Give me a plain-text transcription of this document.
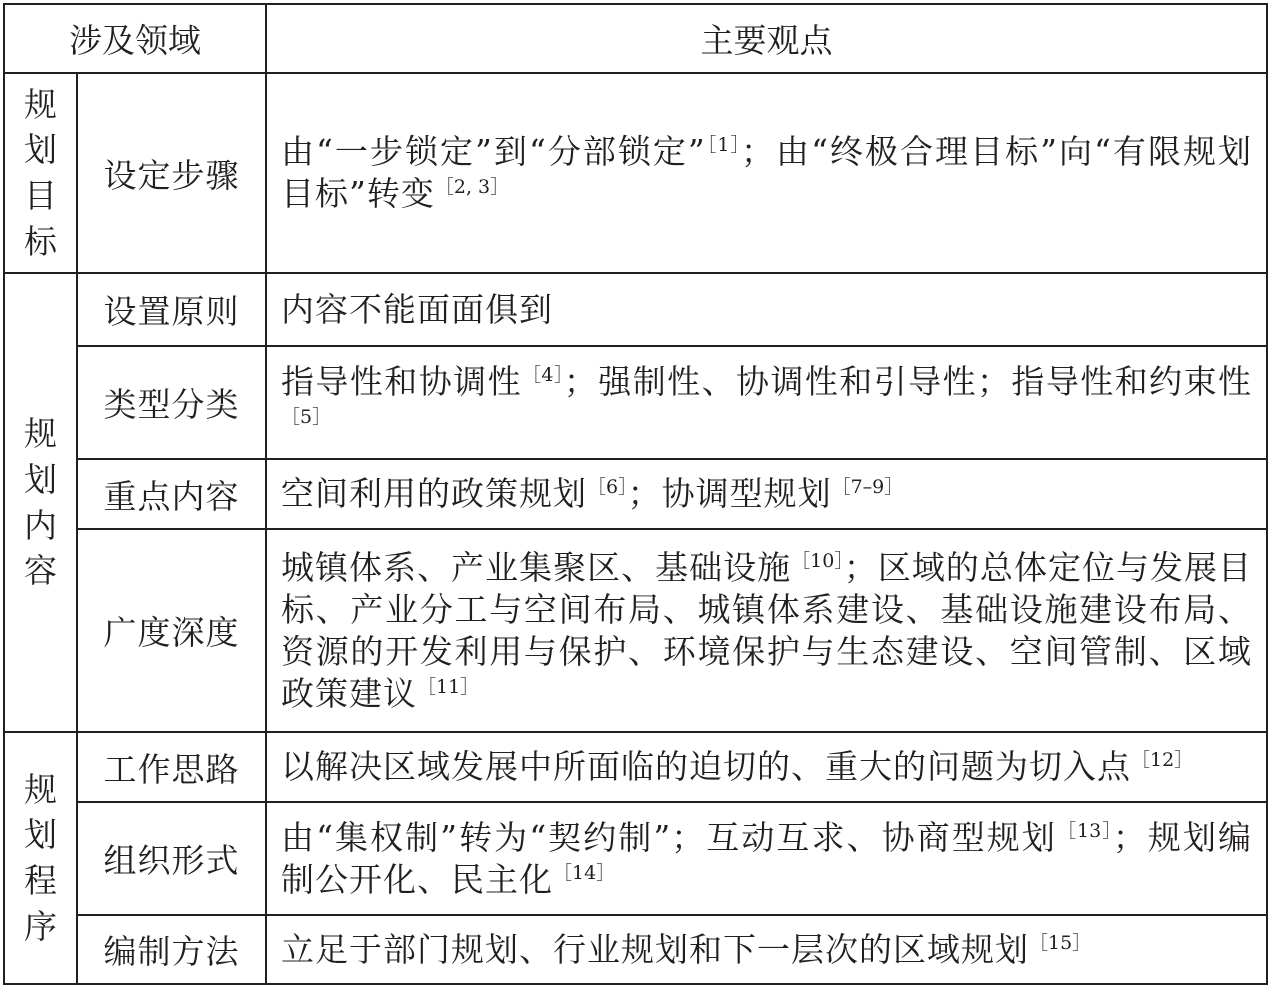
涉及领域		主要观点
规划目标	设定步骤	由“一步锁定”到“分部锁定”$^{[1]}$；由“终极合理目标”向“有限规划目标”转变$^{[2, 3]}$
规划内容	设置原则	内容不能面面俱到
	类型分类	指导性和协调性$^{[4]}$；强制性、协调性和引导性；指导性和约束性$^{[5]}$
	重点内容	空间利用的政策规划$^{[6]}$；协调型规划$^{[7-9]}$
	广度深度	城镇体系、产业集聚区、基础设施$^{[10]}$；区域的总体定位与发展目标、产业分工与空间布局、城镇体系建设、基础设施建设布局、资源的开发利用与保护、环境保护与生态建设、空间管制、区域政策建议$^{[11]}$
规划程序	工作思路	以解决区域发展中所面临的迫切的、重大的问题为切入点$^{[12]}$
	组织形式	由“集权制”转为“契约制”；互动互求、协商型规划$^{[13]}$；规划编制公开化、民主化$^{[14]}$
	编制方法	立足于部门规划、行业规划和下一层次的区域规划$^{[15]}$
